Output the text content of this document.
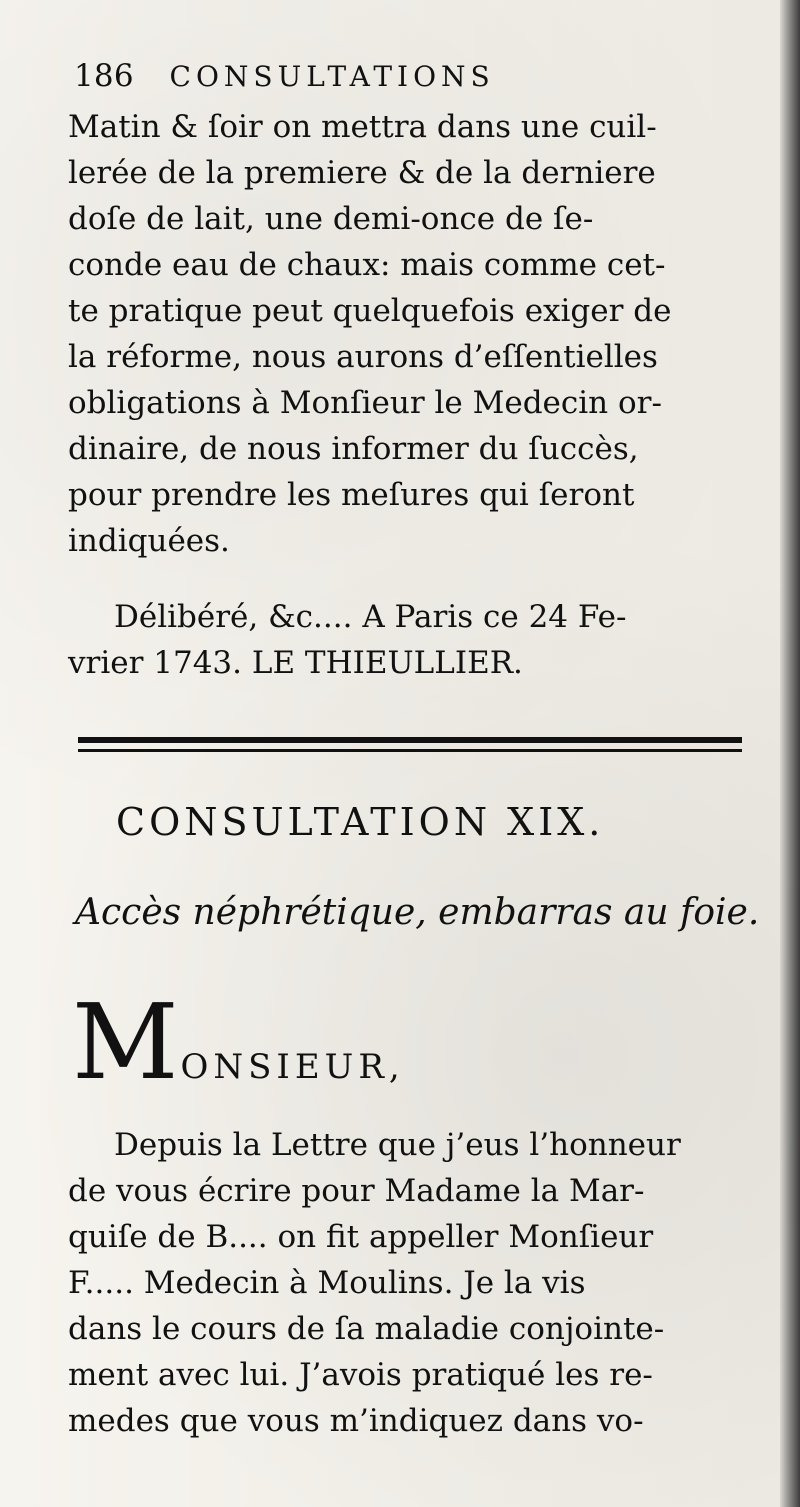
186 CONSULTATIONS
Matin & ſoir on mettra dans une cuil-
lerée de la premiere & de la derniere
doſe de lait, une demi-once de ſe-
conde eau de chaux: mais comme cet-
te pratique peut quelquefois exiger de
la réforme, nous aurons d’eſſentielles
obligations à Monſieur le Medecin or-
dinaire, de nous informer du ſuccès,
pour prendre les meſures qui ſeront
indiquées.
Délibéré, &c.... A Paris ce 24 Fe-
vrier 1743. LE THIEULLIER.
CONSULTATION XIX.
Accès néphrétique, embarras au foie.
MONSIEUR,
Depuis la Lettre que j’eus l’honneur
de vous écrire pour Madame la Mar-
quiſe de B.... on fit appeller Monſieur
F..... Medecin à Moulins. Je la vis
dans le cours de ſa maladie conjointe-
ment avec lui. J’avois pratiqué les re-
medes que vous m’indiquez dans vo-
